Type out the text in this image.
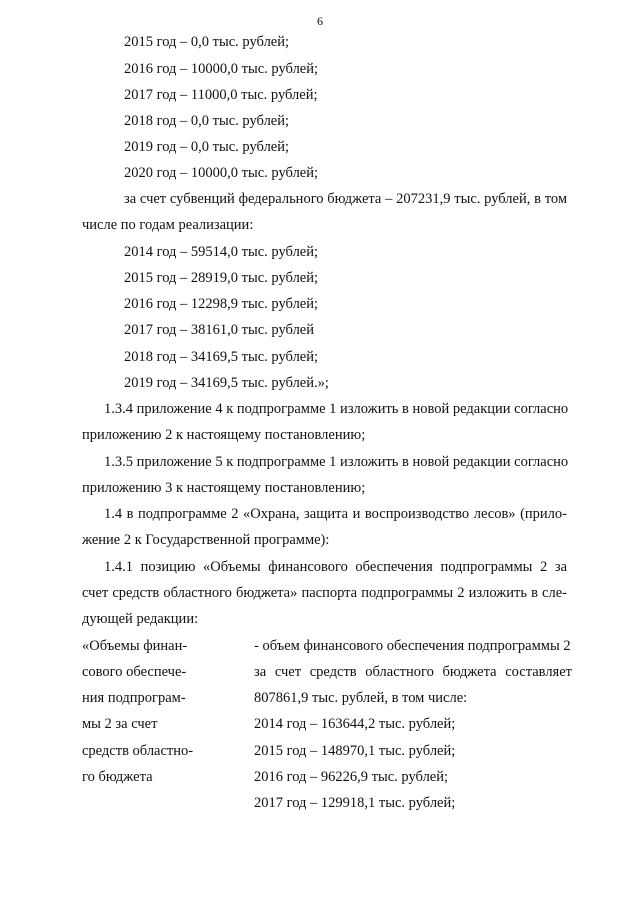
6
2015 год – 0,0 тыс. рублей;
2016 год – 10000,0 тыс. рублей;
2017 год – 11000,0 тыс. рублей;
2018 год – 0,0 тыс. рублей;
2019 год – 0,0 тыс. рублей;
2020 год – 10000,0 тыс. рублей;
за счет субвенций федерального бюджета – 207231,9 тыс. рублей, в том
числе по годам реализации:
2014 год – 59514,0 тыс. рублей;
2015 год – 28919,0 тыс. рублей;
2016 год – 12298,9 тыс. рублей;
2017 год – 38161,0 тыс. рублей
2018 год – 34169,5 тыс. рублей;
2019 год – 34169,5 тыс. рублей.»;
1.3.4 приложение 4 к подпрограмме 1 изложить в новой редакции согласно
приложению 2 к настоящему постановлению;
1.3.5 приложение 5 к подпрограмме 1 изложить в новой редакции согласно
приложению 3 к настоящему постановлению;
1.4 в подпрограмме 2 «Охрана, защита и воспроизводство лесов» (прило-
жение 2 к Государственной программе):
1.4.1 позицию «Объемы финансового обеспечения подпрограммы 2 за
счет средств областного бюджета» паспорта подпрограммы 2 изложить в сле-
дующей редакции:
«Объемы финан-
сового обеспече-
ния подпрограм-
мы 2 за счет
средств областно-
го бюджета
- объем финансового обеспечения подпрограммы 2
за счет средств областного бюджета составляет
807861,9 тыс. рублей, в том числе:
2014 год – 163644,2 тыс. рублей;
2015 год – 148970,1 тыс. рублей;
2016 год – 96226,9 тыс. рублей;
2017 год – 129918,1 тыс. рублей;
